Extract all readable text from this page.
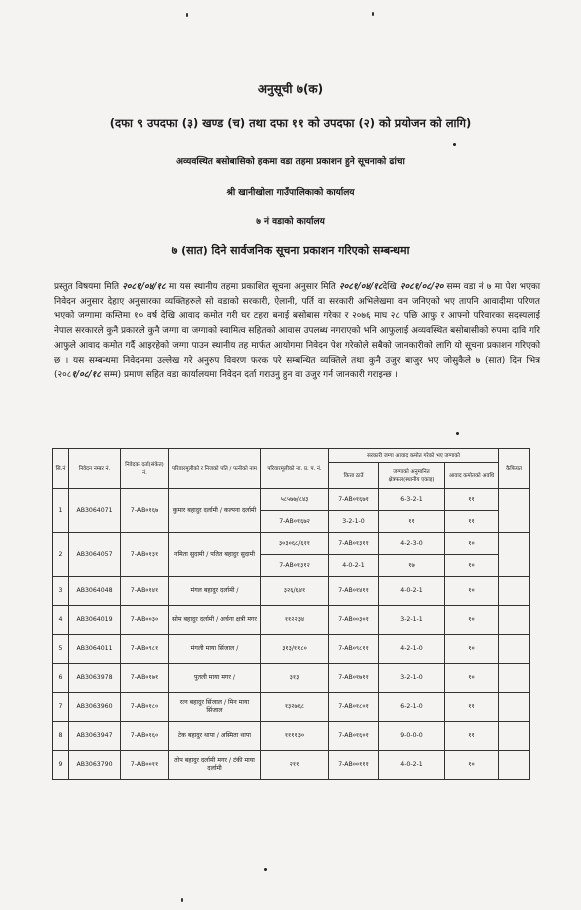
अनुसूची ७(क)
(दफा ९ उपदफा (३) खण्ड (च) तथा दफा ११ को उपदफा (२) को प्रयोजन को लागि)
अव्यवस्थित बसोबासिको हकमा वडा तहमा प्रकाशन हुने सूचनाको ढांचा
श्री खानीखोला गाउँपालिकाको कार्यालय
७ नं वडाको कार्यालय
७ (सात) दिने सार्वजनिक सूचना प्रकाशन गरिएको सम्बन्धमा
प्रस्तुत विषयमा मिति २०८१/०४/१८ मा यस स्थानीय तहमा प्रकाशित सूचना अनुसार मिति २०८१/०४/१८देखि २०८१/०८/२० सम्म वडा नं ७ मा पेश भएका निवेदन अनुसार देहाए अनुसारका व्यक्तिहरुले सो वडाको सरकारी, ऐलानी, पर्ति वा सरकारी अभिलेखमा वन जनिएको भए तापनि आवादीमा परिणत भएको जग्गामा कम्तिमा १० वर्ष देखि आवाद कमोत गरी घर टहरा बनाई बसोबास गरेका र २०७६ माघ २८ पछि आफु र आफ्नो परिवारका सदस्यलाई नेपाल सरकारले कुनै प्रकारले कुनै जग्गा वा जग्गाको स्वामित्व सहितको आवास उपलब्ध नगराएको भनि आफुलाई अव्यवस्थित बसोबासीको रुपमा दावि गरि आफुले आवाद कमोत गर्दै आइरहेको जग्गा पाउन स्थानीय तह मार्फत आयोगमा निवेदन पेश गरेकोले सबैको जानकारीको लागि यो सूचना प्रकाशन गरिएको छ । यस सम्बन्धमा निवेदनमा उल्लेख गरे अनुरुप विवरण फरक परे सम्बन्धित व्यक्तिले तथा कुनै उजुर बाजुर भए जोसुकैले ७ (सात) दिन भित्र (२०८१/०८/१८ सम्म) प्रमाण सहित वडा कार्यालयमा निवेदन दर्ता गराउनु हुन वा उजुर गर्न जानकारी गराइन्छ ।
सि.नं	निवेदन नम्बर नं.	निवेदक दर्ता(संकेत) नं.	परिवारमूलीको र निजको पति / पत्नीको नाम	परिवारमूलीको ना. प्र. प. नं.	सरकारी जग्गा आवाद कमोत गरेको भए जग्गाको			कैफियत
					कित्ता ठाउँ	जग्गाको अनुमानित क्षेत्रफल(स्थानीय एकाइ)	आवाद कमोतको अवधि	
1	AB3064071	7-AB०१६७	कुमार बहादुर दर्लामी / कल्पना दर्लामी	५८५७७/८४३	7-AB०१६७१	6-3-2-1	११	
				7-AB०१६७२	3-2-1-0	११	११	
2	AB3064057	7-AB०१३१	नमिता सुदामी / पतित बहादुर सुदामी	३०३०६८/६११	7-AB०१३११	4-2-3-0	१०	
				7-AB०१३१२	4-0-2-1	१७	१०	
3	AB3064048	7-AB०१४१	मंगल बहादुर दर्लामी /	३२६/६४१	7-AB०१४११	4-0-2-1	१०	
4	AB3064019	7-AB००३०	सोम बहादुर दर्लामी / अर्चना क्षत्री मगर	११२२३४	7-AB००३०१	3-2-1-1	१०	
5	AB3064011	7-AB०९८१	मंगली माया सिंजाल /	३१३/११८०	7-AB०९८११	4-2-1-0	१०	
6	AB3063978	7-AB०१७१	पुतली माया मगर /	३१३	7-AB०१७११	3-2-1-0	१०	
7	AB3063960	7-AB०१८०	रत्न बहादुर सिंजाल / मिन माया सिंजाल	१३२७६८	7-AB०१८०१	6-2-1-0	११	
8	AB3063947	7-AB०१६०	टेक बहादुर थापा / अस्मिता थापा	११११३०	7-AB०१६०१	9-0-0-0	११	
9	AB3063790	7-AB००११	तोप बहादुर दर्लामी मगर / टंकी माया दर्लामी	२११	7-AB००१११	4-0-2-1	१०	
